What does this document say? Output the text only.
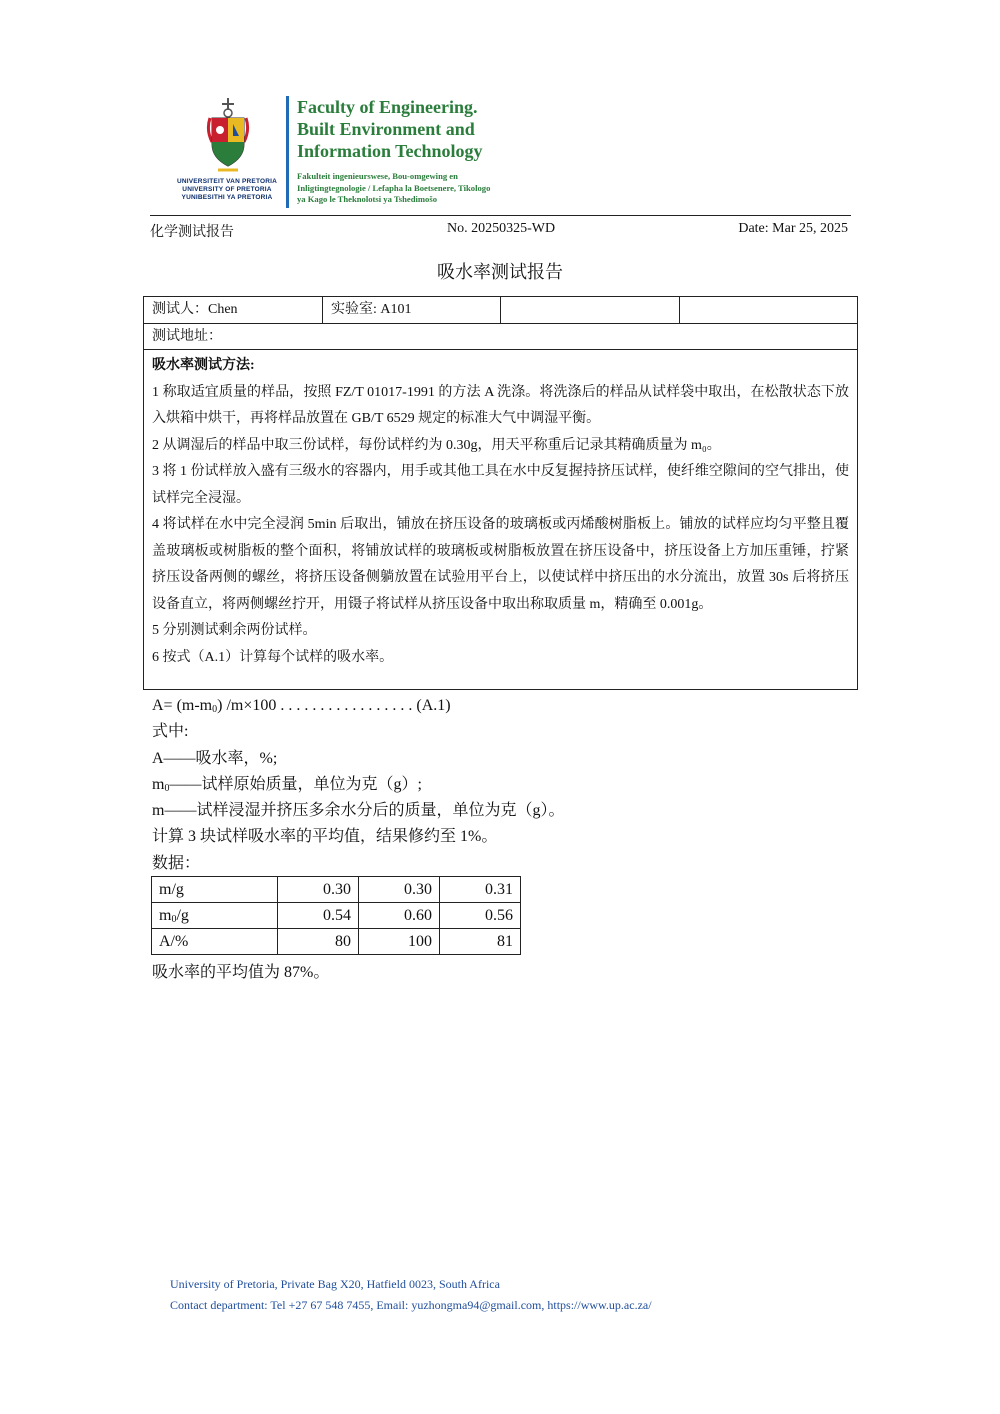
UNIVERSITEIT VAN PRETORIA
UNIVERSITY OF PRETORIA
YUNIBESITHI YA PRETORIA
Faculty of Engineering.
Built Environment and
Information Technology
Fakulteit ingenieurswese, Bou-omgewing en Inligtingtegnologie / Lefapha la Boetsenere, Tikologo ya Kago le Theknolotsi ya Tshedimošo
化学测试报告	No. 20250325-WD	Date: Mar 25, 2025
吸水率测试报告
测试人：Chen	实验室: A101
测试地址：

吸水率测试方法:

1 称取适宜质量的样品，按照 FZ/T 01017-1991 的方法 A 洗涤。将洗涤后的样品从试样袋中取出，在松散状态下放入烘箱中烘干，再将样品放置在 GB/T 6529 规定的标准大气中调湿平衡。

2 从调湿后的样品中取三份试样，每份试样约为 0.30g，用天平称重后记录其精确质量为 m₀。

3 将 1 份试样放入盛有三级水的容器内，用手或其他工具在水中反复握持挤压试样，使纤维空隙间的空气排出，使试样完全浸湿。

4 将试样在水中完全浸润 5min 后取出，铺放在挤压设备的玻璃板或丙烯酸树脂板上。铺放的试样应均匀平整且覆盖玻璃板或树脂板的整个面积，将铺放试样的玻璃板或树脂板放置在挤压设备中，挤压设备上方加压重锤，拧紧挤压设备两侧的螺丝，将挤压设备侧躺放置在试验用平台上，以使试样中挤压出的水分流出，放置 30s 后将挤压设备直立，将两侧螺丝拧开，用镊子将试样从挤压设备中取出称取质量 m，精确至 0.001g。

5 分别测试剩余两份试样。

6 按式（A.1）计算每个试样的吸水率。

$A= (m-m_0)$ /m×100 . . . . . . . . . . . . . . . . . (A.1)

式中:

A——吸水率，%;

$m_0——$试样原始质量，单位为克（g）;

m——试样浸湿并挤压多余水分后的质量，单位为克（g）。

计算 3 块试样吸水率的平均值，结果修约至 1%。

数据：

m/g	0.30	0.30	0.31
$m_0/g$	0.54	0.60	0.56
A/%	80	100	81
吸水率的平均值为 87%。
University of Pretoria, Private Bag X20, Hatfield 0023, South Africa
Contact department: Tel +27 67 548 7455, Email: yuzhongma94@gmail.com, https://www.up.ac.za/
